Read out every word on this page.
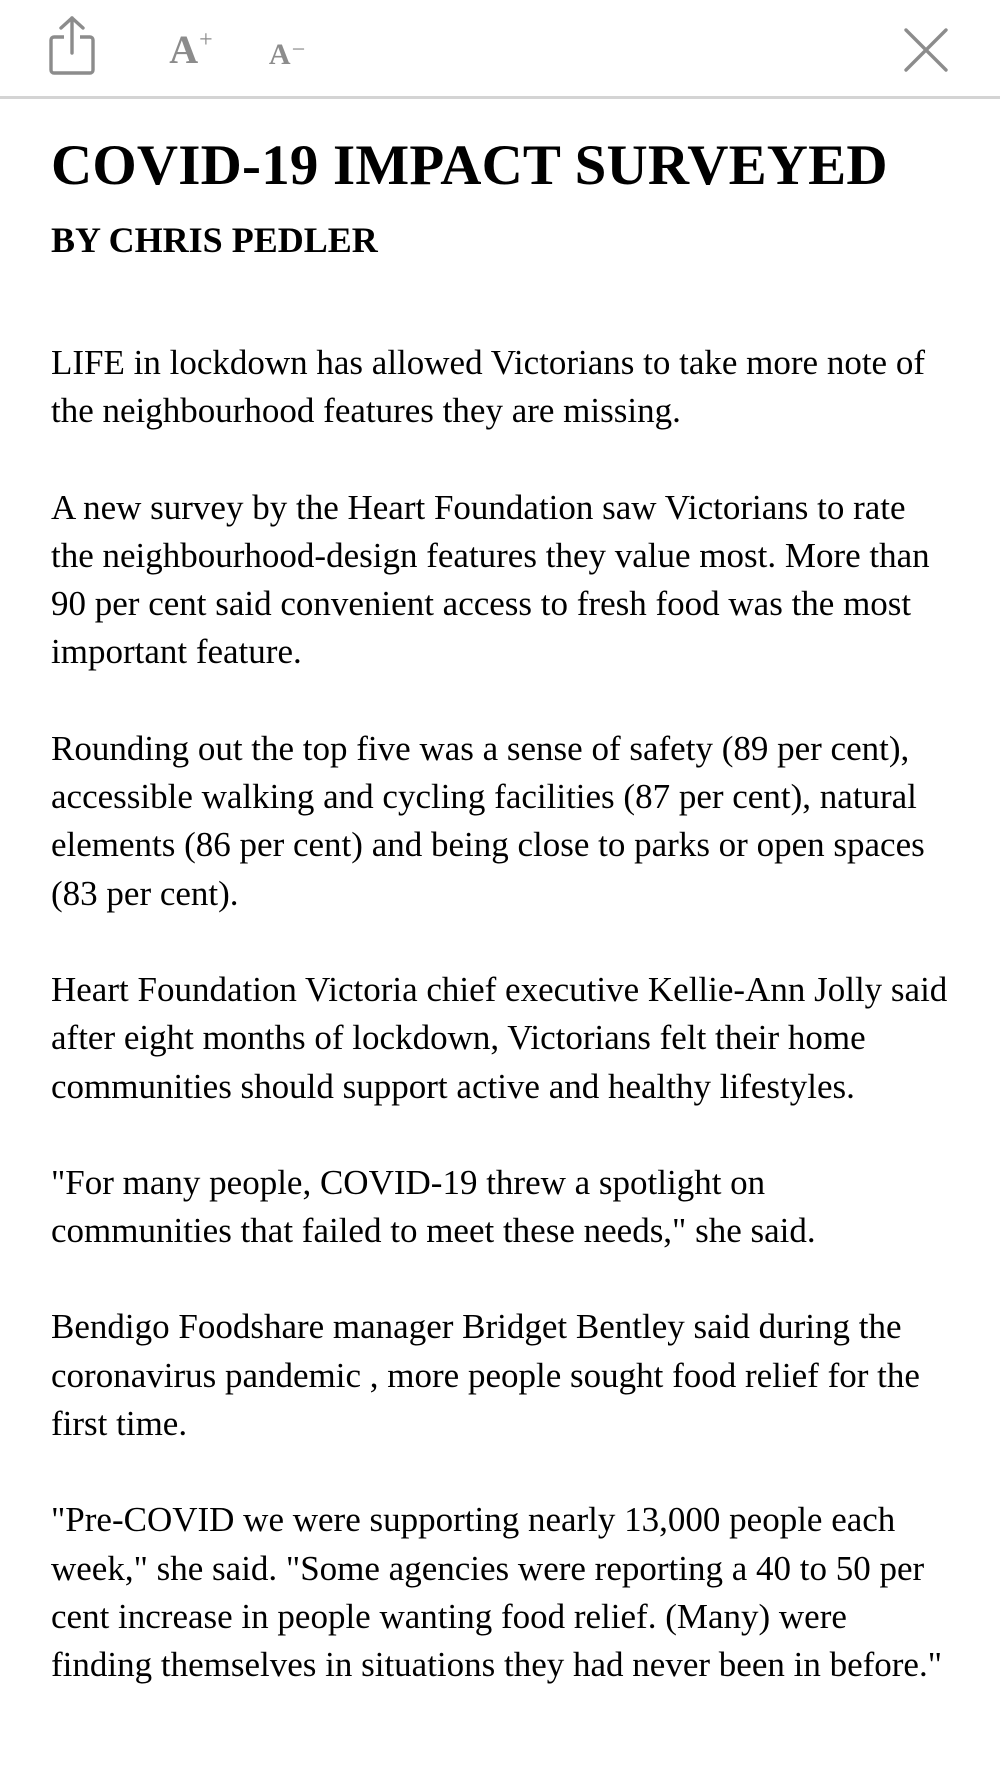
A + A −
COVID-19 IMPACT SURVEYED
BY CHRIS PEDLER

LIFE in lockdown has allowed Victorians to take more note of the neighbourhood features they are missing.

A new survey by the Heart Foundation saw Victorians to rate the neighbourhood-design features they value most. More than 90 per cent said convenient access to fresh food was the most important feature.

Rounding out the top five was a sense of safety (89 per cent), accessible walking and cycling facilities (87 per cent), natural elements (86 per cent) and being close to parks or open spaces (83 per cent).

Heart Foundation Victoria chief executive Kellie-Ann Jolly said after eight months of lockdown, Victorians felt their home communities should support active and healthy lifestyles.

"For many people, COVID-19 threw a spotlight on communities that failed to meet these needs," she said.

Bendigo Foodshare manager Bridget Bentley said during the coronavirus pandemic , more people sought food relief for the first time.

"Pre-COVID we were supporting nearly 13,000 people each week," she said. "Some agencies were reporting a 40 to 50 per cent increase in people wanting food relief. (Many) were finding themselves in situations they had never been in before."
